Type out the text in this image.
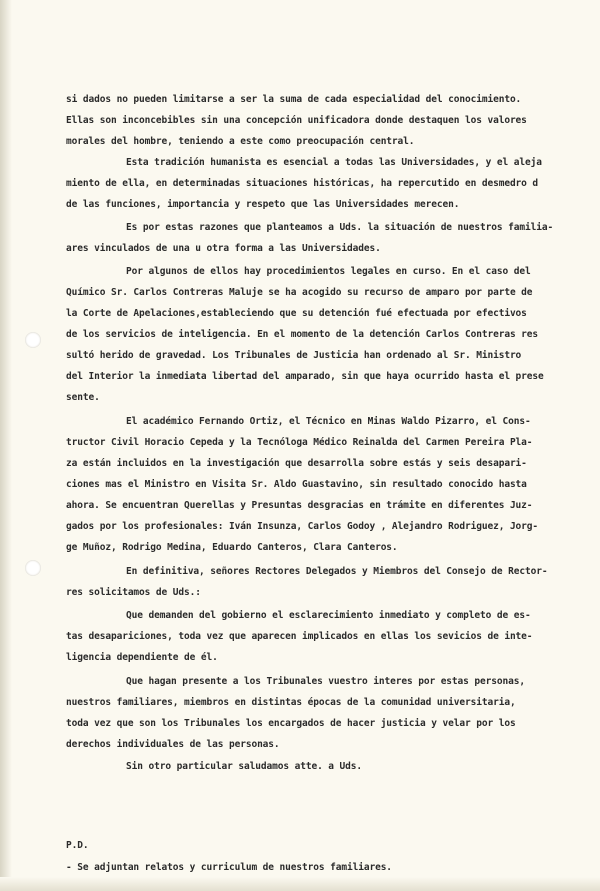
si dados no pueden limitarse a ser la suma de cada especialidad del conocimiento.
Ellas son inconcebibles sin una concepción unificadora donde destaquen los valores
morales del hombre, teniendo a este como preocupación central.
Esta tradición humanista es esencial a todas las Universidades, y el aleja
miento de ella, en determinadas situaciones históricas, ha repercutido en desmedro d
de las funciones, importancia y respeto que las Universidades merecen.
Es por estas razones que planteamos a Uds. la situación de nuestros familia-
ares vinculados de una u otra forma a las Universidades.
Por algunos de ellos hay procedimientos legales en curso. En el caso del
Químico Sr. Carlos Contreras Maluje se ha acogido su recurso de amparo por parte de
la Corte de Apelaciones,estableciendo que su detención fué efectuada por efectivos
de los servicios de inteligencia. En el momento de la detención Carlos Contreras res
sultó herido de gravedad. Los Tribunales de Justicia han ordenado al Sr. Ministro
del Interior la inmediata libertad del amparado, sin que haya ocurrido hasta el prese
sente.
El académico Fernando Ortiz, el Técnico en Minas Waldo Pizarro, el Cons-
tructor Civil Horacio Cepeda y la Tecnóloga Médico Reinalda del Carmen Pereira Pla-
za están incluidos en la investigación que desarrolla sobre estás y seis desapari-
ciones mas el Ministro en Visita Sr. Aldo Guastavino, sin resultado conocido hasta
ahora. Se encuentran Querellas y Presuntas desgracias en trámite en diferentes Juz-
gados por los profesionales: Iván Insunza, Carlos Godoy , Alejandro Rodriguez, Jorg-
ge Muñoz, Rodrigo Medina, Eduardo Canteros, Clara Canteros.
En definitiva, señores Rectores Delegados y Miembros del Consejo de Rector-
res solicitamos de Uds.:
Que demanden del gobierno el esclarecimiento inmediato y completo de es-
tas desapariciones, toda vez que aparecen implicados en ellas los sevicios de inte-
ligencia dependiente de él.
Que hagan presente a los Tribunales vuestro interes por estas personas,
nuestros familiares, miembros en distintas épocas de la comunidad universitaria,
toda vez que son los Tribunales los encargados de hacer justicia y velar por los
derechos individuales de las personas.
Sin otro particular saludamos atte. a Uds.
P.D.
- Se adjuntan relatos y curriculum de nuestros familiares.
